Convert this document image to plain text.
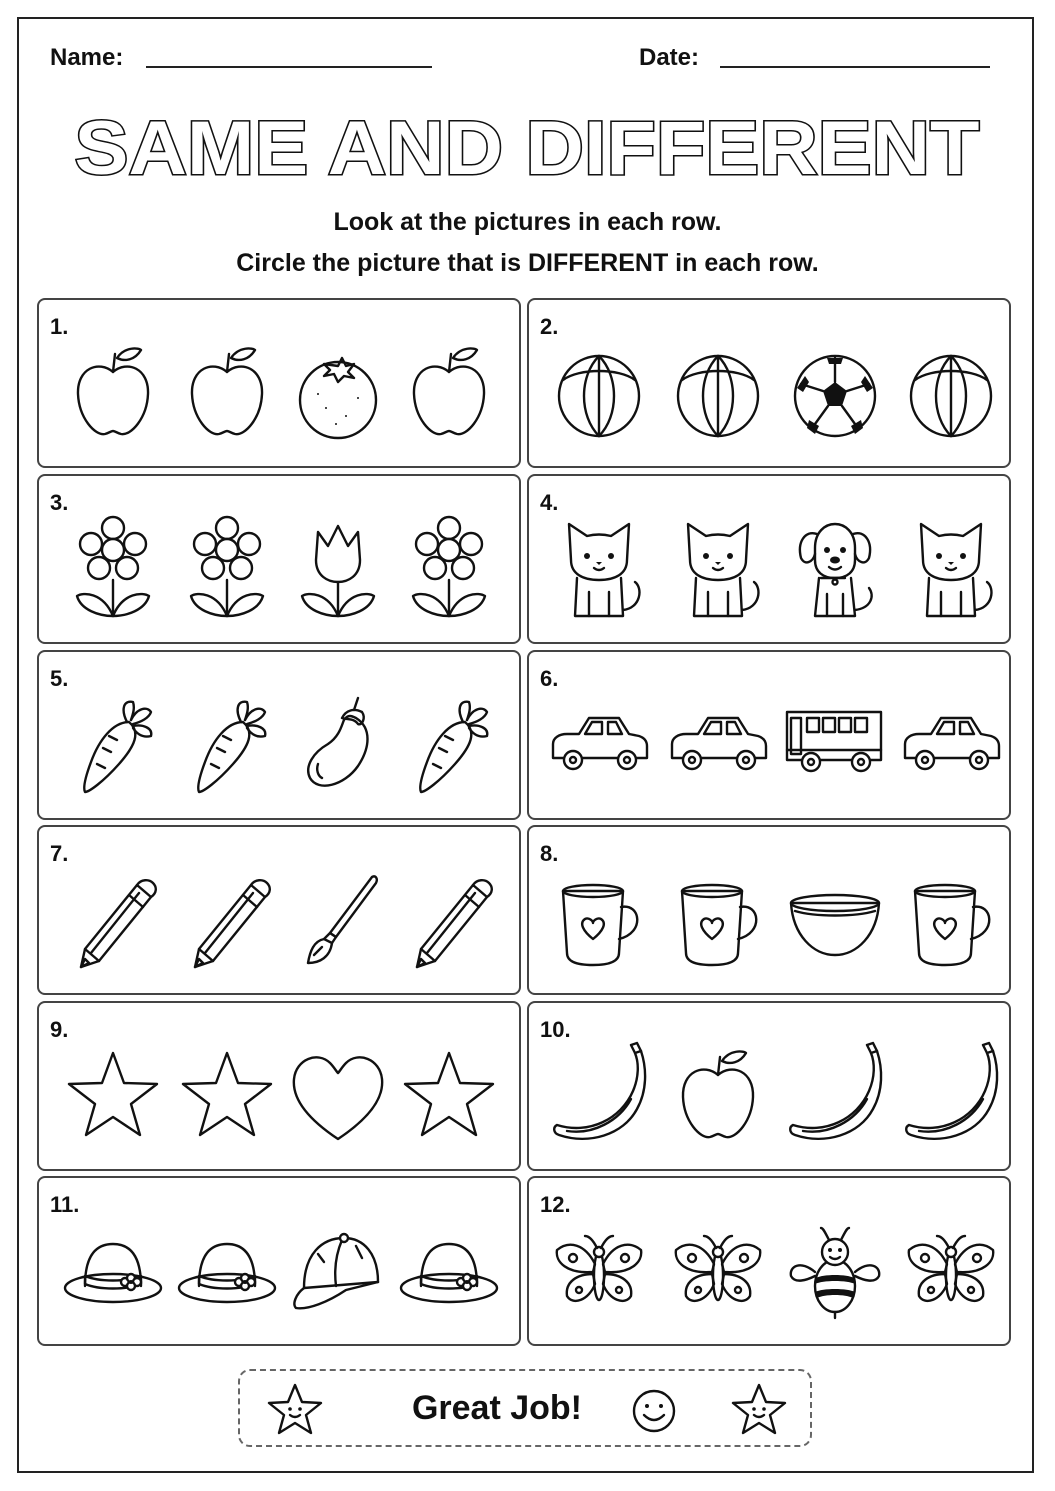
Name:	Date:
SAME AND DIFFERENT
Look at the pictures in each row.
Circle the picture that is DIFFERENT in each row.
1.	2.
3.	4.
5.	6.
7.	8.
9.	10.
11.	12.
Great Job!
